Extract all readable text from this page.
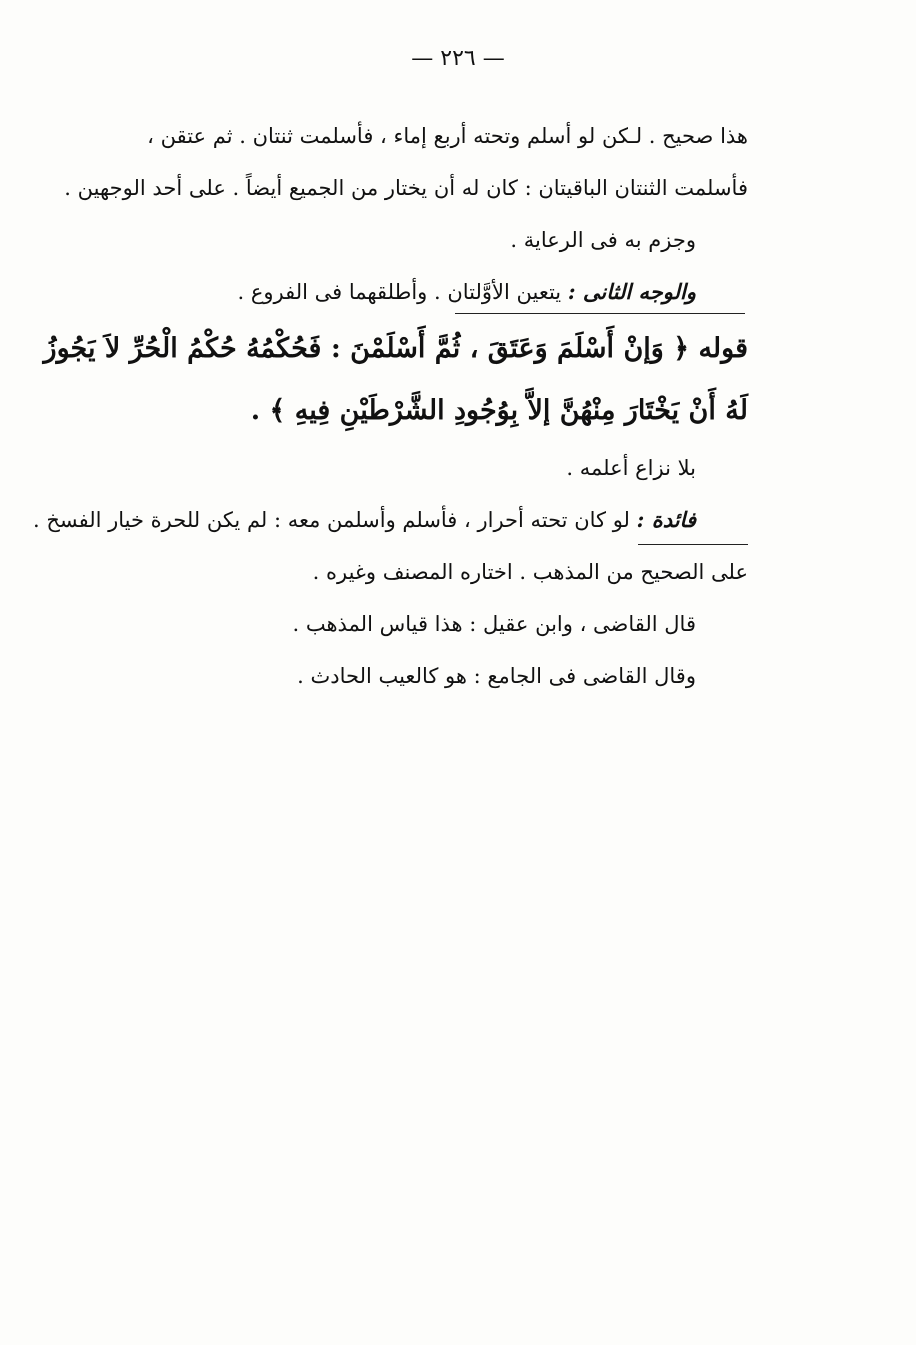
— ٢٢٦ —
هذا صحيح . لـكن لو أسلم وتحته أربع إماء ، فأسلمت ثنتان . ثم عتقن ،
فأسلمت الثنتان الباقيتان : كان له أن يختار من الجميع أيضاً . على أحد الوجهين .
وجزم به فى الرعاية .
والوجه الثانى : يتعين الأوَّلتان . وأطلقهما فى الفروع .
قوله ﴿ وَإنْ أَسْلَمَ وَعَتَقَ ، ثُمَّ أَسْلَمْنَ : فَحُكْمُهُ حُكْمُ الْحُرِّ لاَ يَجُوزُ
لَهُ أَنْ يَخْتَارَ مِنْهُنَّ إلاَّ بِوُجُودِ الشَّرْطَيْنِ فِيهِ ﴾ .
بلا نزاع أعلمه .
فائدة : لو كان تحته أحرار ، فأسلم وأسلمن معه : لم يكن للحرة خيار الفسخ .
على الصحيح من المذهب . اختاره المصنف وغيره .
قال القاضى ، وابن عقيل : هذا قياس المذهب .
وقال القاضى فى الجامع : هو كالعيب الحادث .
